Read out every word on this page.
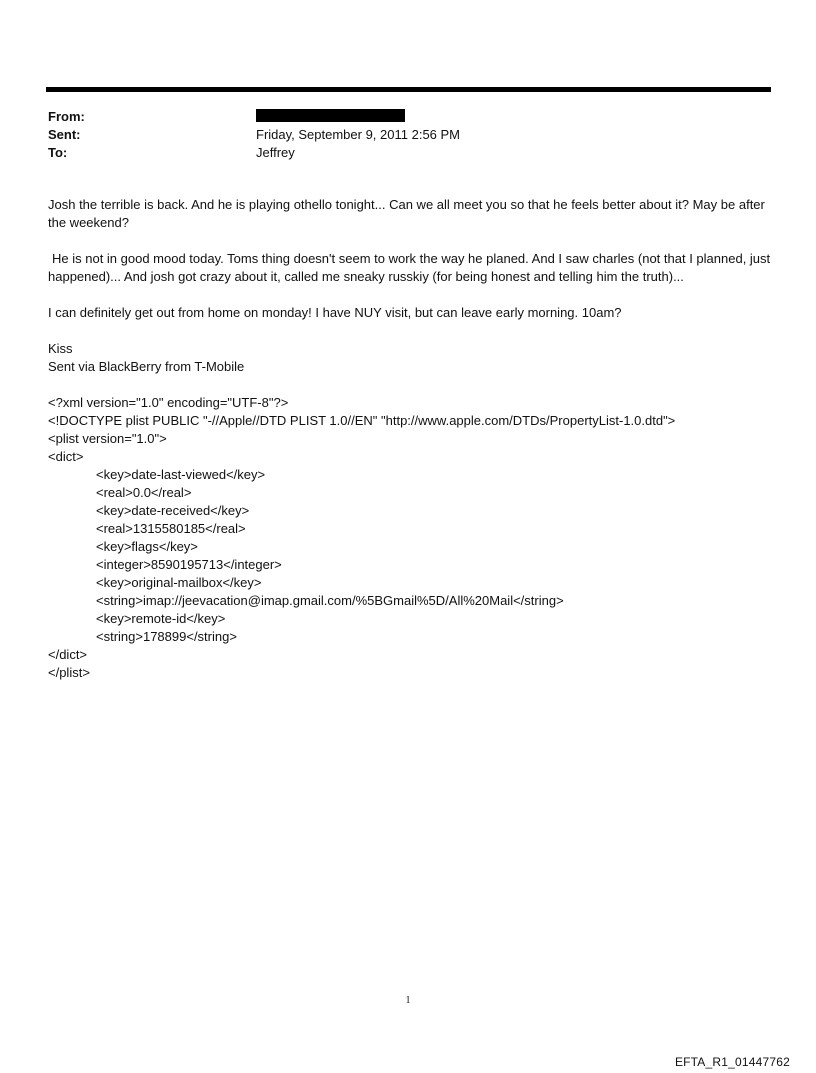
From:
Sent:	Friday, September 9, 2011 2:56 PM
To:	Jeffrey

Josh the terrible is back. And he is playing othello tonight... Can we all meet you so that he feels better about it? May be after the weekend?

He is not in good mood today. Toms thing doesn't seem to work the way he planed. And I saw charles (not that I planned, just happened)... And josh got crazy about it, called me sneaky russkiy (for being honest and telling him the truth)...

I can definitely get out from home on monday! I have NUY visit, but can leave early morning. 10am?

Kiss
Sent via BlackBerry from T-Mobile

<?xml version="1.0" encoding="UTF-8"?>
<!DOCTYPE plist PUBLIC "-//Apple//DTD PLIST 1.0//EN" "http://www.apple.com/DTDs/PropertyList-1.0.dtd">
<plist version="1.0">
<dict>
<key>date-last-viewed</key>
<real>0.0</real>
<key>date-received</key>
<real>1315580185</real>
<key>flags</key>
<integer>8590195713</integer>
<key>original-mailbox</key>
<string>imap://jeevacation@imap.gmail.com/%5BGmail%5D/All%20Mail</string>
<key>remote-id</key>
<string>178899</string>
</dict>
</plist>
1
EFTA_R1_01447762
